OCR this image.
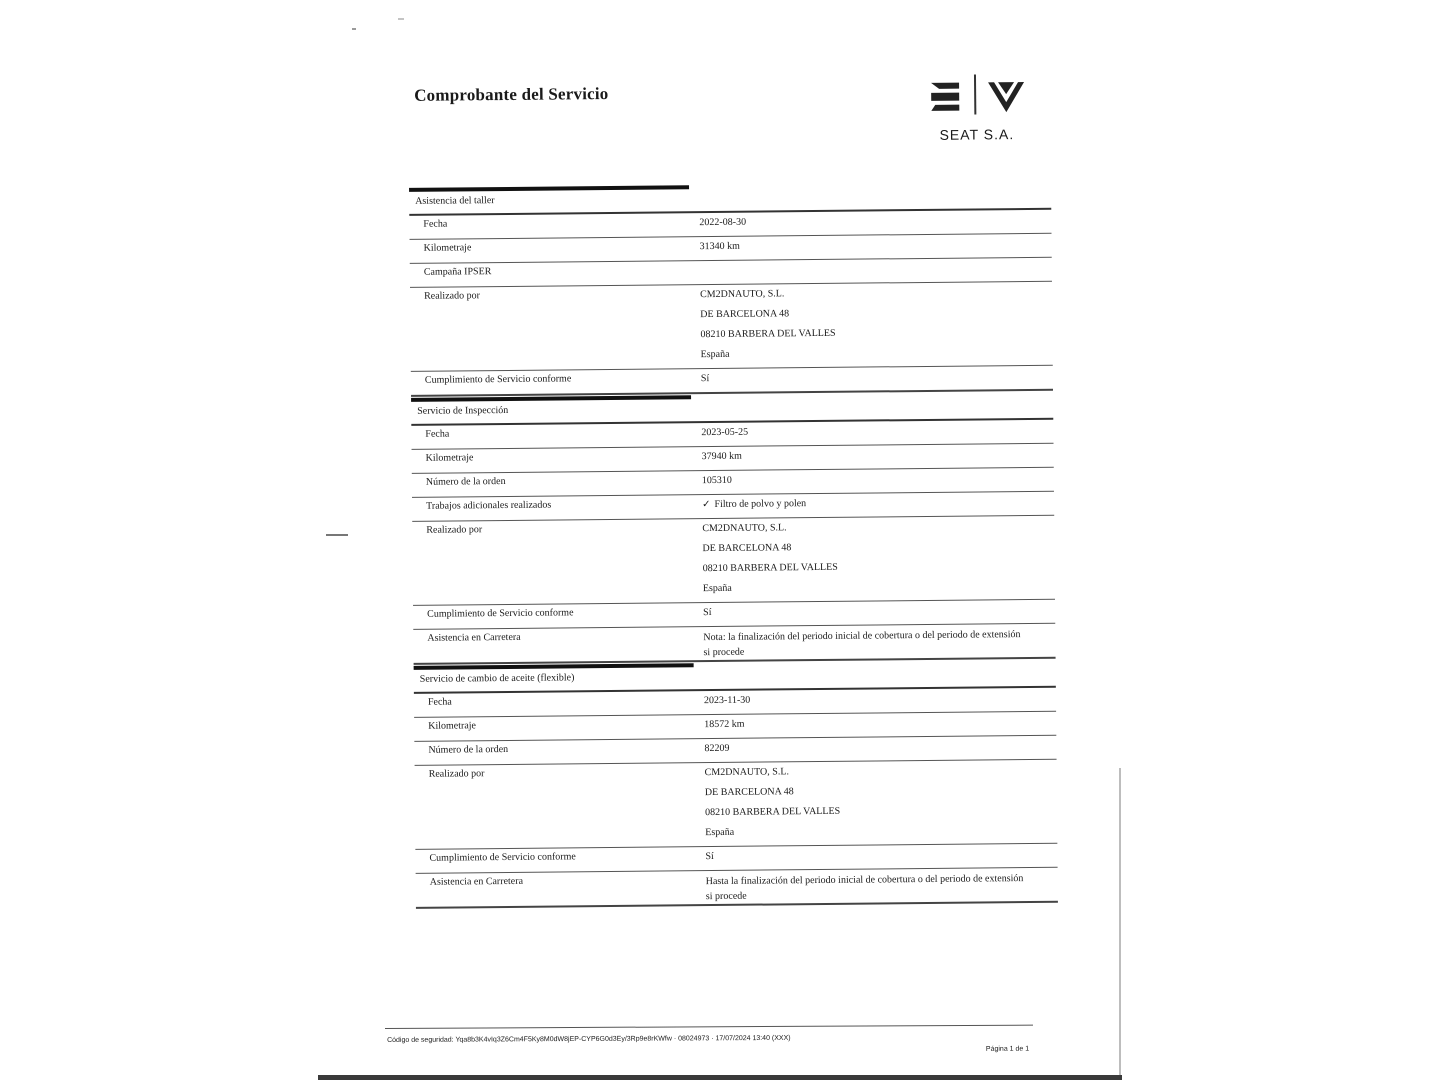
Comprobante del Servicio
SEAT S.A.
Asistencia del taller
Fecha	2022-08-30
Kilometraje	31340 km
Campaña IPSER
Realizado por	CM2DNAUTO, S.L.
DE BARCELONA 48
08210 BARBERA DEL VALLES
España
Cumplimiento de Servicio conforme	Sí
Servicio de Inspección
Fecha	2023-05-25
Kilometraje	37940 km
Número de la orden	105310
Trabajos adicionales realizados	✓ Filtro de polvo y polen
Realizado por	CM2DNAUTO, S.L.
DE BARCELONA 48
08210 BARBERA DEL VALLES
España
Cumplimiento de Servicio conforme	Sí
Asistencia en Carretera	Nota: la finalización del periodo inicial de cobertura o del periodo de extensión
si procede
Servicio de cambio de aceite (flexible)
Fecha	2023-11-30
Kilometraje	18572 km
Número de la orden	82209
Realizado por	CM2DNAUTO, S.L.
DE BARCELONA 48
08210 BARBERA DEL VALLES
España
Cumplimiento de Servicio conforme	Sí
Asistencia en Carretera	Hasta la finalización del periodo inicial de cobertura o del periodo de extensión
si procede
Código de seguridad: Yqa8b3K4vIq3Z6Cm4F5Ky8M0dW8jEP-CYP6G0d3Ey/3Rp9e8rKWfw · 08024973 · 17/07/2024 13:40 (XXX)
Página 1 de 1
